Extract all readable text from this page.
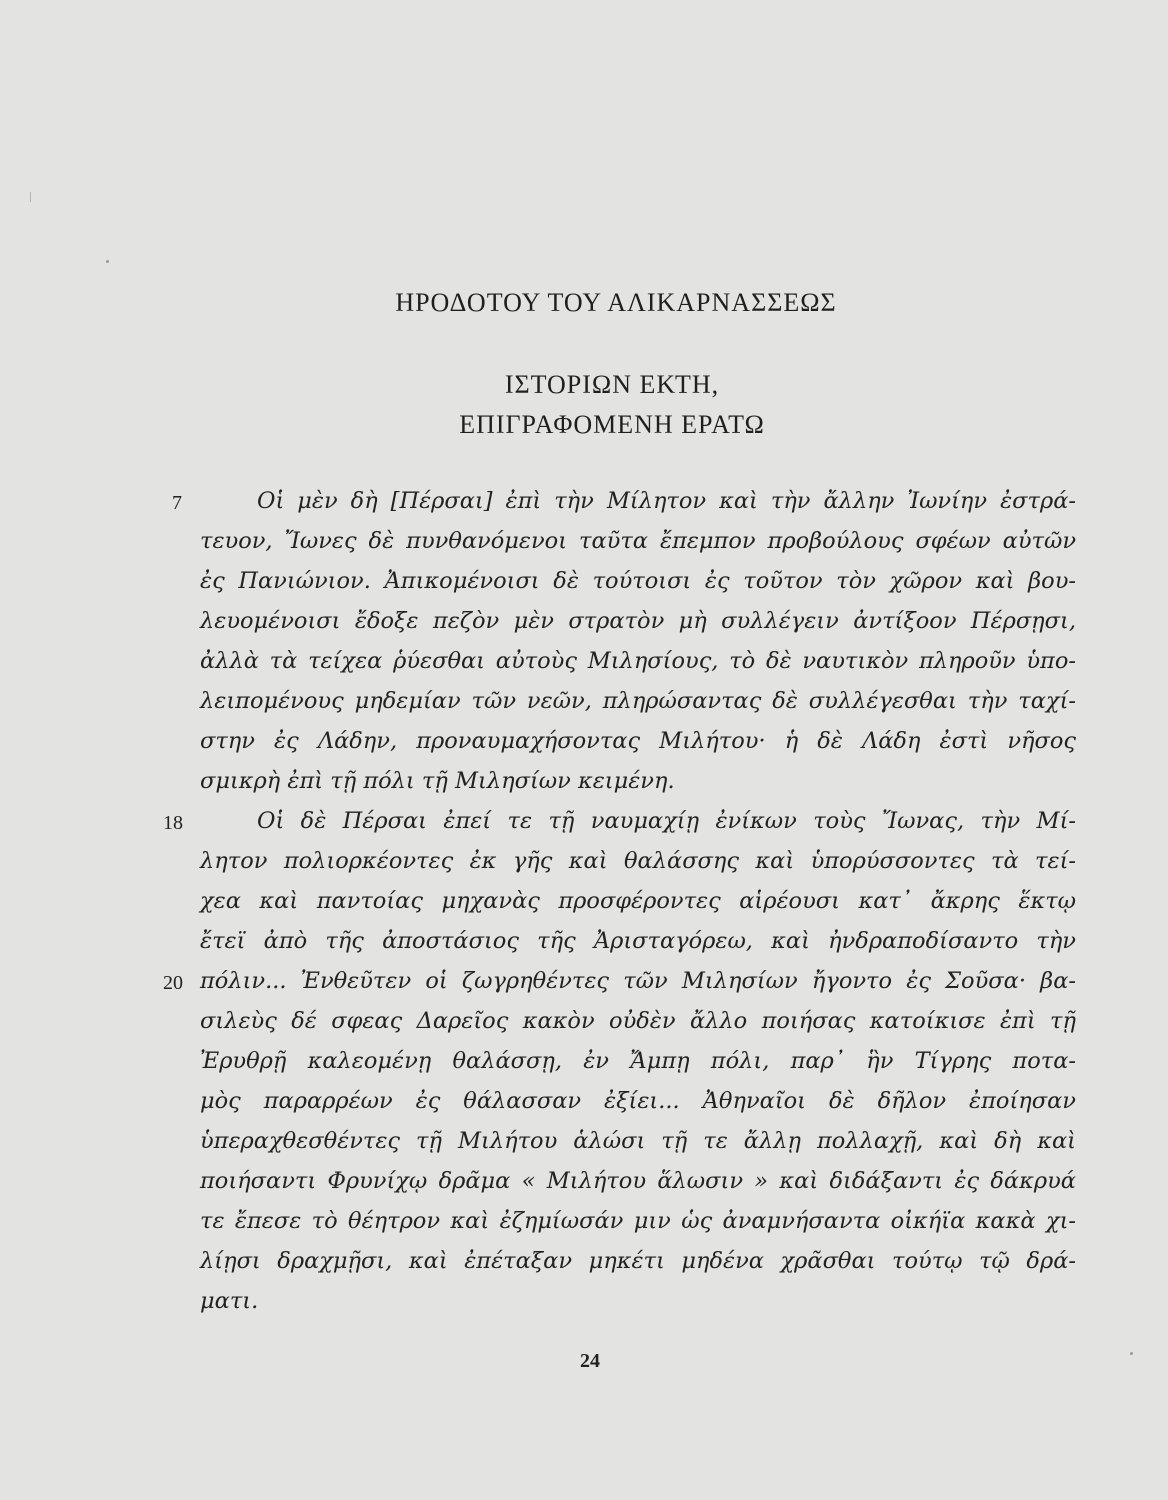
ΗΡΟΔΟΤΟΥ ΤΟΥ ΑΛΙΚΑΡΝΑΣΣΕΩΣ
ΙΣΤΟΡΙΩΝ ΕΚΤΗ,
ΕΠΙΓΡΑΦΟΜΕΝΗ ΕΡΑΤΩ
7
18
20
Οἱ μὲν δὴ [Πέρσαι] ἐπὶ τὴν Μίλητον καὶ τὴν ἄλλην Ἰωνίην ἐστρά-
τευον, Ἴωνες δὲ πυνθανόμενοι ταῦτα ἔπεμπον προβούλους σφέων αὐτῶν
ἐς Πανιώνιον. Ἀπικομένοισι δὲ τούτοισι ἐς τοῦτον τὸν χῶρον καὶ βου-
λευομένοισι ἔδοξε πεζὸν μὲν στρατὸν μὴ συλλέγειν ἀντίξοον Πέρσῃσι,
ἀλλὰ τὰ τείχεα ῥύεσθαι αὐτοὺς Μιλησίους, τὸ δὲ ναυτικὸν πληροῦν ὑπο-
λειπομένους μηδεμίαν τῶν νεῶν, πληρώσαντας δὲ συλλέγεσθαι τὴν ταχί-
στην ἐς Λάδην, προναυμαχήσοντας Μιλήτου· ἡ δὲ Λάδη ἐστὶ νῆσος
σμικρὴ ἐπὶ τῇ πόλι τῇ Μιλησίων κειμένη.
Οἱ δὲ Πέρσαι ἐπεί τε τῇ ναυμαχίῃ ἐνίκων τοὺς Ἴωνας, τὴν Μί-
λητον πολιορκέοντες ἐκ γῆς καὶ θαλάσσης καὶ ὑπορύσσοντες τὰ τεί-
χεα καὶ παντοίας μηχανὰς προσφέροντες αἱρέουσι κατ᾽ ἄκρης ἕκτῳ
ἔτεϊ ἀπὸ τῆς ἀποστάσιος τῆς Ἀρισταγόρεω, καὶ ἠνδραποδίσαντο τὴν
πόλιν... Ἐνθεῦτεν οἱ ζωγρηθέντες τῶν Μιλησίων ἤγοντο ἐς Σοῦσα· βα-
σιλεὺς δέ σφεας Δαρεῖος κακὸν οὐδὲν ἄλλο ποιήσας κατοίκισε ἐπὶ τῇ
Ἐρυθρῇ καλεομένῃ θαλάσσῃ, ἐν Ἄμπῃ πόλι, παρ᾽ ἣν Τίγρης ποτα-
μὸς παραρρέων ἐς θάλασσαν ἐξίει... Ἀθηναῖοι δὲ δῆλον ἐποίησαν
ὑπεραχθεσθέντες τῇ Μιλήτου ἁλώσι τῇ τε ἄλλῃ πολλαχῇ, καὶ δὴ καὶ
ποιήσαντι Φρυνίχῳ δρᾶμα « Μιλήτου ἅλωσιν » καὶ διδάξαντι ἐς δάκρυά
τε ἔπεσε τὸ θέητρον καὶ ἐζημίωσάν μιν ὡς ἀναμνήσαντα οἰκήϊα κακὰ χι-
λίῃσι δραχμῇσι, καὶ ἐπέταξαν μηκέτι μηδένα χρᾶσθαι τούτῳ τῷ δρά-
ματι.
24
